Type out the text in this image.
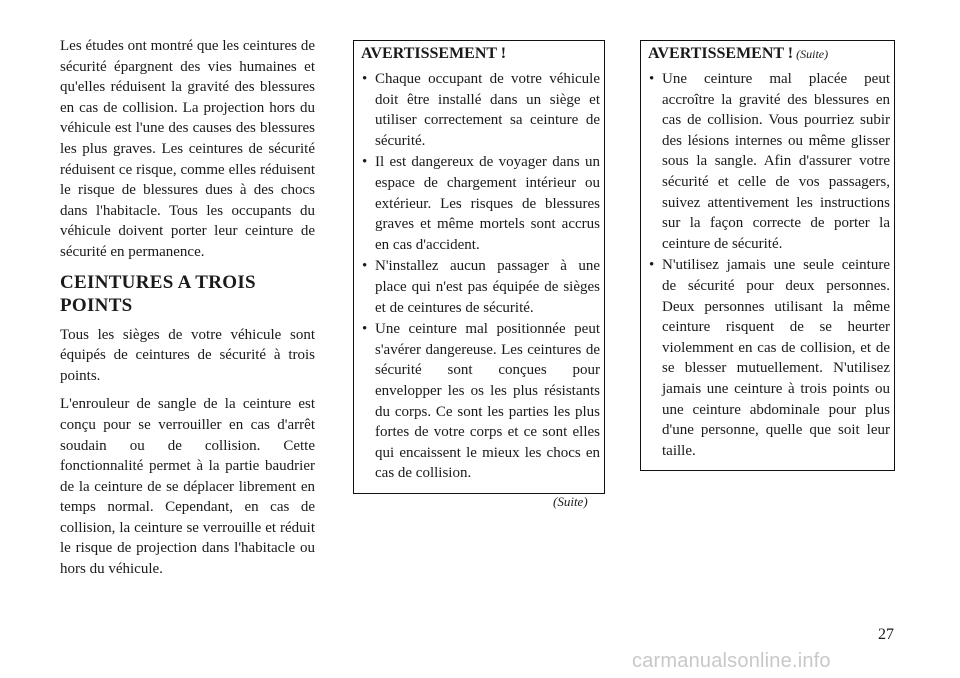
Les études ont montré que les ceintures de sécurité épargnent des vies humaines et qu'elles réduisent la gravité des blessures en cas de collision. La projection hors du véhicule est l'une des causes des blessures les plus graves. Les ceintures de sécurité réduisent ce risque, comme elles réduisent le risque de blessures dues à des chocs dans l'habitacle. Tous les occupants du véhicule doivent porter leur ceinture de sécurité en permanence.

CEINTURES A TROIS POINTS

Tous les sièges de votre véhicule sont équipés de ceintures de sécurité à trois points.

L'enrouleur de sangle de la ceinture est conçu pour se verrouiller en cas d'arrêt soudain ou de collision. Cette fonctionnalité permet à la partie baudrier de la ceinture de se déplacer librement en temps normal. Cependant, en cas de collision, la ceinture se verrouille et réduit le risque de projection dans l'habitacle ou hors du véhicule.

AVERTISSEMENT !
• Chaque occupant de votre véhicule doit être installé dans un siège et utiliser correctement sa ceinture de sécurité.
• Il est dangereux de voyager dans un espace de chargement intérieur ou extérieur. Les risques de blessures graves et même mortels sont accrus en cas d'accident.
• N'installez aucun passager à une place qui n'est pas équipée de sièges et de ceintures de sécurité.
• Une ceinture mal positionnée peut s'avérer dangereuse. Les ceintures de sécurité sont conçues pour envelopper les os les plus résistants du corps. Ce sont les parties les plus fortes de votre corps et ce sont elles qui encaissent le mieux les chocs en cas de collision.
(Suite)
AVERTISSEMENT ! (Suite)
• Une ceinture mal placée peut accroître la gravité des blessures en cas de collision. Vous pourriez subir des lésions internes ou même glisser sous la sangle. Afin d'assurer votre sécurité et celle de vos passagers, suivez attentivement les instructions sur la façon correcte de porter la ceinture de sécurité.
• N'utilisez jamais une seule ceinture de sécurité pour deux personnes. Deux personnes utilisant la même ceinture risquent de se heurter violemment en cas de collision, et de se blesser mutuellement. N'utilisez jamais une ceinture à trois points ou une ceinture abdominale pour plus d'une personne, quelle que soit leur taille.
27
carmanualsonline.info
